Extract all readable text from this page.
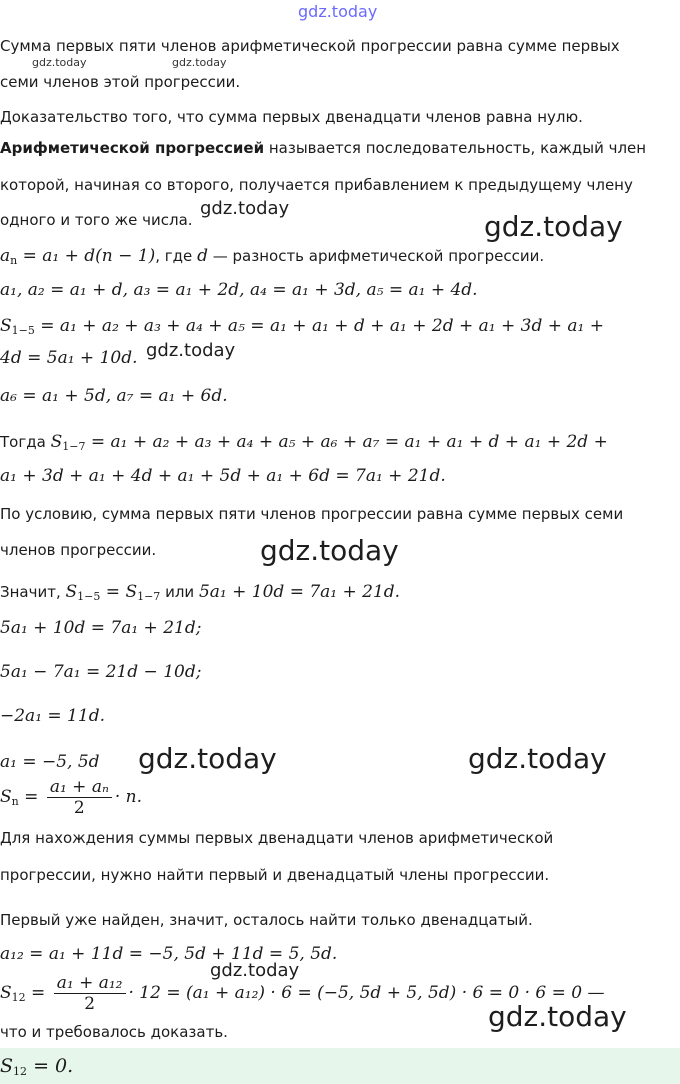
gdz.today
Сумма первых пяти членов арифметической прогрессии равна сумме первых
gdz.today	gdz.today
семи членов этой прогрессии.
Доказательство того, что сумма первых двенадцати членов равна нулю.
Арифметической прогрессией называется последовательность, каждый член
которой, начиная со второго, получается прибавлением к предыдущему члену
одного и того же числа.
gdz.today
gdz.today
$a_n = a_1 + d(n - 1)$, где d — разность арифметической прогрессии.
a₁, a₂ = a₁ + d, a₃ = a₁ + 2d, a₄ = a₁ + 3d, a₅ = a₁ + 4d.
$S_{1-5} = a_1 + a_2 + a_3 + a_4 + a_5 = a_1 + a_1 + d + a_1 + 2d + a_1 + 3d + a_1$ +
4d = 5a₁ + 10d. gdz.today
a₆ = a₁ + 5d, a₇ = a₁ + 6d.
Тогда $S_{1-7} = a_1 + a_2 + a_3 + a_4 + a_5 + a_6 + a_7 = a_1 + a_1 + d + a_1 + 2d$ +
a₁ + 3d + a₁ + 4d + a₁ + 5d + a₁ + 6d = 7a₁ + 21d.
По условию, сумма первых пяти членов прогрессии равна сумме первых семи
членов прогрессии.	gdz.today
Значит, $S_{1-5} = S_{1-7}$ или 5a₁ + 10d = 7a₁ + 21d.
5a₁ + 10d = 7a₁ + 21d;
5a₁ − 7a₁ = 21d − 10d;
−2a₁ = 11d.
a₁ = −5, 5d	gdz.today	gdz.today
$S_n = \frac{\text{a₁ + aₙ}}{2} \cdot n$.
Для нахождения суммы первых двенадцати членов арифметической
прогрессии, нужно найти первый и двенадцатый члены прогрессии.
Первый уже найден, значит, осталось найти только двенадцатый.
a₁₂ = a₁ + 11d = −5, 5d + 11d = 5, 5d.
gdz.today
$S_{12} = \frac{\text{a₁ + a₁₂}}{2} \cdot 12 = (a_1 + a_{12}) \cdot 6 = (-5$, 5d + 5, 5d) · 6 = 0 · 6 = 0 —
что и требовалось доказать.	gdz.today
$S_{12} = 0$.
